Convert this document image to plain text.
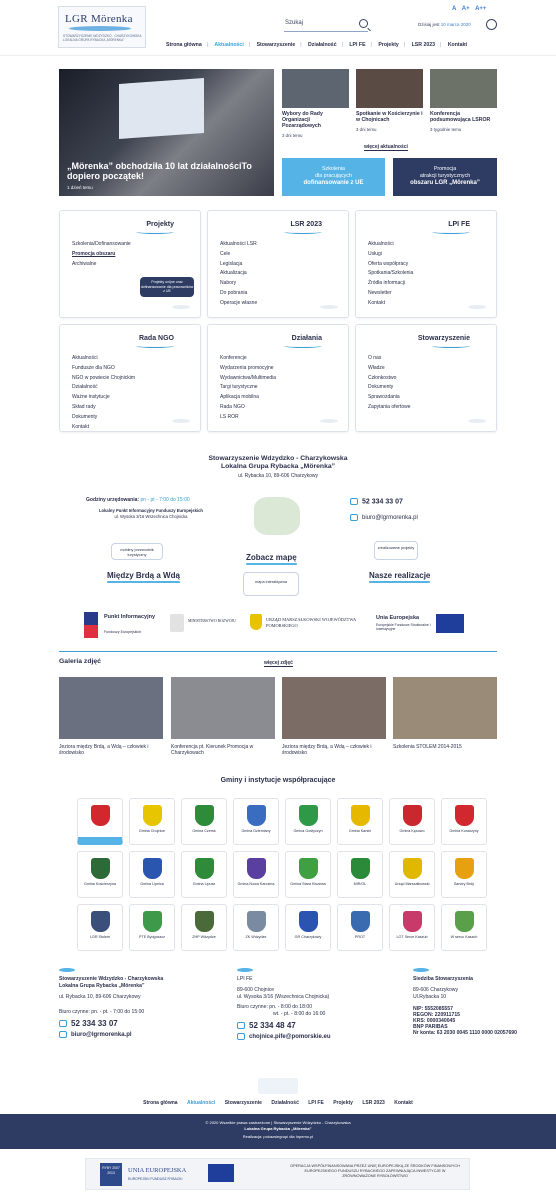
LGR Mörenka
STOWARZYSZENIE WDZYDZKO - CHARZYKOWSKA LOKALNA GRUPA RYBACKA „MÖRENKA”
Szukaj
A A+ A++
Dzisiaj jest 10 marca 2020
Strona główna | Aktualności | Stowarzyszenie | Działalność | LPI FE | Projekty | LSR 2023 | Kontakt
„Mörenka” obchodziła 10 lat działalnościTo dopiero początek!
1 dzień temu
Wybory do Rady Organizacji Pozarządowych
3 dni temu
Spotkanie w Kościerzynie i w Chojnicach
3 dni temu
Konferencja podsumowująca LSROR
3 tygodnie temu
więcej aktualności
Szkolenia
dla pracujących
dofinansowanie z UE
Promocja
atrakcji turystycznych
obszaru LGR „Mörenka”
Projekty
Szkolenia/Dofinansowanie
Promocja obszaru
Archiwalne
LSR 2023
Aktualności LSR
Cele
Legislacja
Aktualizacja
Nabory
Do pobrania
Operacje własne
LPI FE
Aktualności
Usługi
Oferta współpracy
Spotkania/Szkolenia
Źródła informacji
Newsletter
Kontakt
Rada NGO
Aktualności
Fundusze dla NGO
NGO w powiecie Chojnickim
Działalność
Ważne instytucje
Skład rady
Dokumenty
Kontakt
Działania
Konferencje
Wydarzenia promocyjne
Wydawnictwa/Multimedia
Targi turystyczne
Aplikacja mobilna
Rada NGO
LS ROR
Stowarzyszenie
O nas
Władze
Członkostwo
Dokumenty
Sprawozdania
Zapytania ofertowe
Projekty unijne oraz dofinansowanie dla pracowników z UE
Stowarzyszenie Wdzydzko - Charzykowska
Lokalna Grupa Rybacka „Mörenka”
ul. Rybacka 10, 89-606 Charzykowy
Godziny urzędowania: pn - pt - 7:00 do 15:00
Lokalny Punkt Informacyjny Funduszy Europejskich
ul. Wysoka 3/16 Wszechnica Chojnicka
52 334 33 07
biuro@lgrmorenka.pl
mobilny przewodnik turystyczny
Między Brdą a Wdą
Zobacz mapę
mapa interaktywna
zrealizowane projekty
Nasze realizacje
Punkt Informacyjny
Funduszy Europejskich
MINISTERSTWO ROZWOJU	URZĄD MARSZAŁKOWSKI WOJEWÓDZTWA POMORSKIEGO
Unia Europejska
Europejskie Fundusze Strukturalne i Inwestycyjne
Galeria zdjęć	więcej zdjęć
Jeziora między Brdą, a Wdą – człowiek i środowisko
Konferencja pt. Kierunek Promocja w Charzykowach
Jeziora między Brdą, a Wdą – człowiek i środowisko
Szkolenia STOLEM 2014-2015
Gminy i instytucje współpracujące
Gmina Brusy
Gmina Chojnice	Gmina Czersk	Gmina Dziemiany	Gmina Gostyczyn	Gmina Karsin	Gmina Kęsowo	Gmina Konarzyny
Gmina Kościerzyna	Gmina Lipnica	Gmina Lipusz	Gmina Nowa Karczma	Gmina Stara Kiszewa	MIR/OL	Urząd Marszałkowski	Sandry Brdy
LGR Stolem	PTE Bydgoszcz	ZHP Wdzydze	ZK Wdzydze	GR Charzykowy	PROT	LOT Serce Kaszub	W sercu Kaszub
Stowarzyszenie Wdzydzko - Charzykowska
Lokalna Grupa Rybacka „Mörenka”
ul. Rybacka 10, 89-606 Charzykowy
Biuro czynne: pn. - pt. - 7:00 do 15:00
52 334 33 07
biuro@lgrmorenka.pl
LPI FE
89-600 Chojnice
ul. Wysoka 3/16 (Wszechnica Chojnicka)
Biuro czynne: pn. - 8:00 do 18:00
wt. - pt. - 8:00 do 16:00
52 334 48 47
chojnice.pife@pomorskie.eu
Siedziba Stowarzyszenia
89-606 Charzykowy
Ul.Rybacka 10
NIP: 5552085557
REGON: 220911715
KRS: 0000340045
BNP PARIBAS
Nr konta: 63 2030 0045 1110 0000 02057690
Strona główna Aktualności Stowarzyszenie Działalność LPI FE Projekty LSR 2023 Kontakt
© 2020 Wszelkie prawa zastrzeżone | Stowarzyszenie Wdzydzko - Charzykowska
Lokalna Grupa Rybacka „Mörenka”
Realizacja: pokazsiegrupi dla Inpemo.pl
RYBY 2007 2013	UNIA EUROPEJSKA
EUROPEJSKI FUNDUSZ RYBACKI
OPERACJA WSPÓŁFINANSOWANA PRZEZ UNIĘ EUROPEJSKĄ ZE ŚRODKÓW FINANSOWYCH EUROPEJSKIEGO FUNDUSZU RYBACKIEGO ZAPEWNIAJĄCA INWESTYCJE W ZRÓWNOWAŻONE RYBOŁÓWSTWO
